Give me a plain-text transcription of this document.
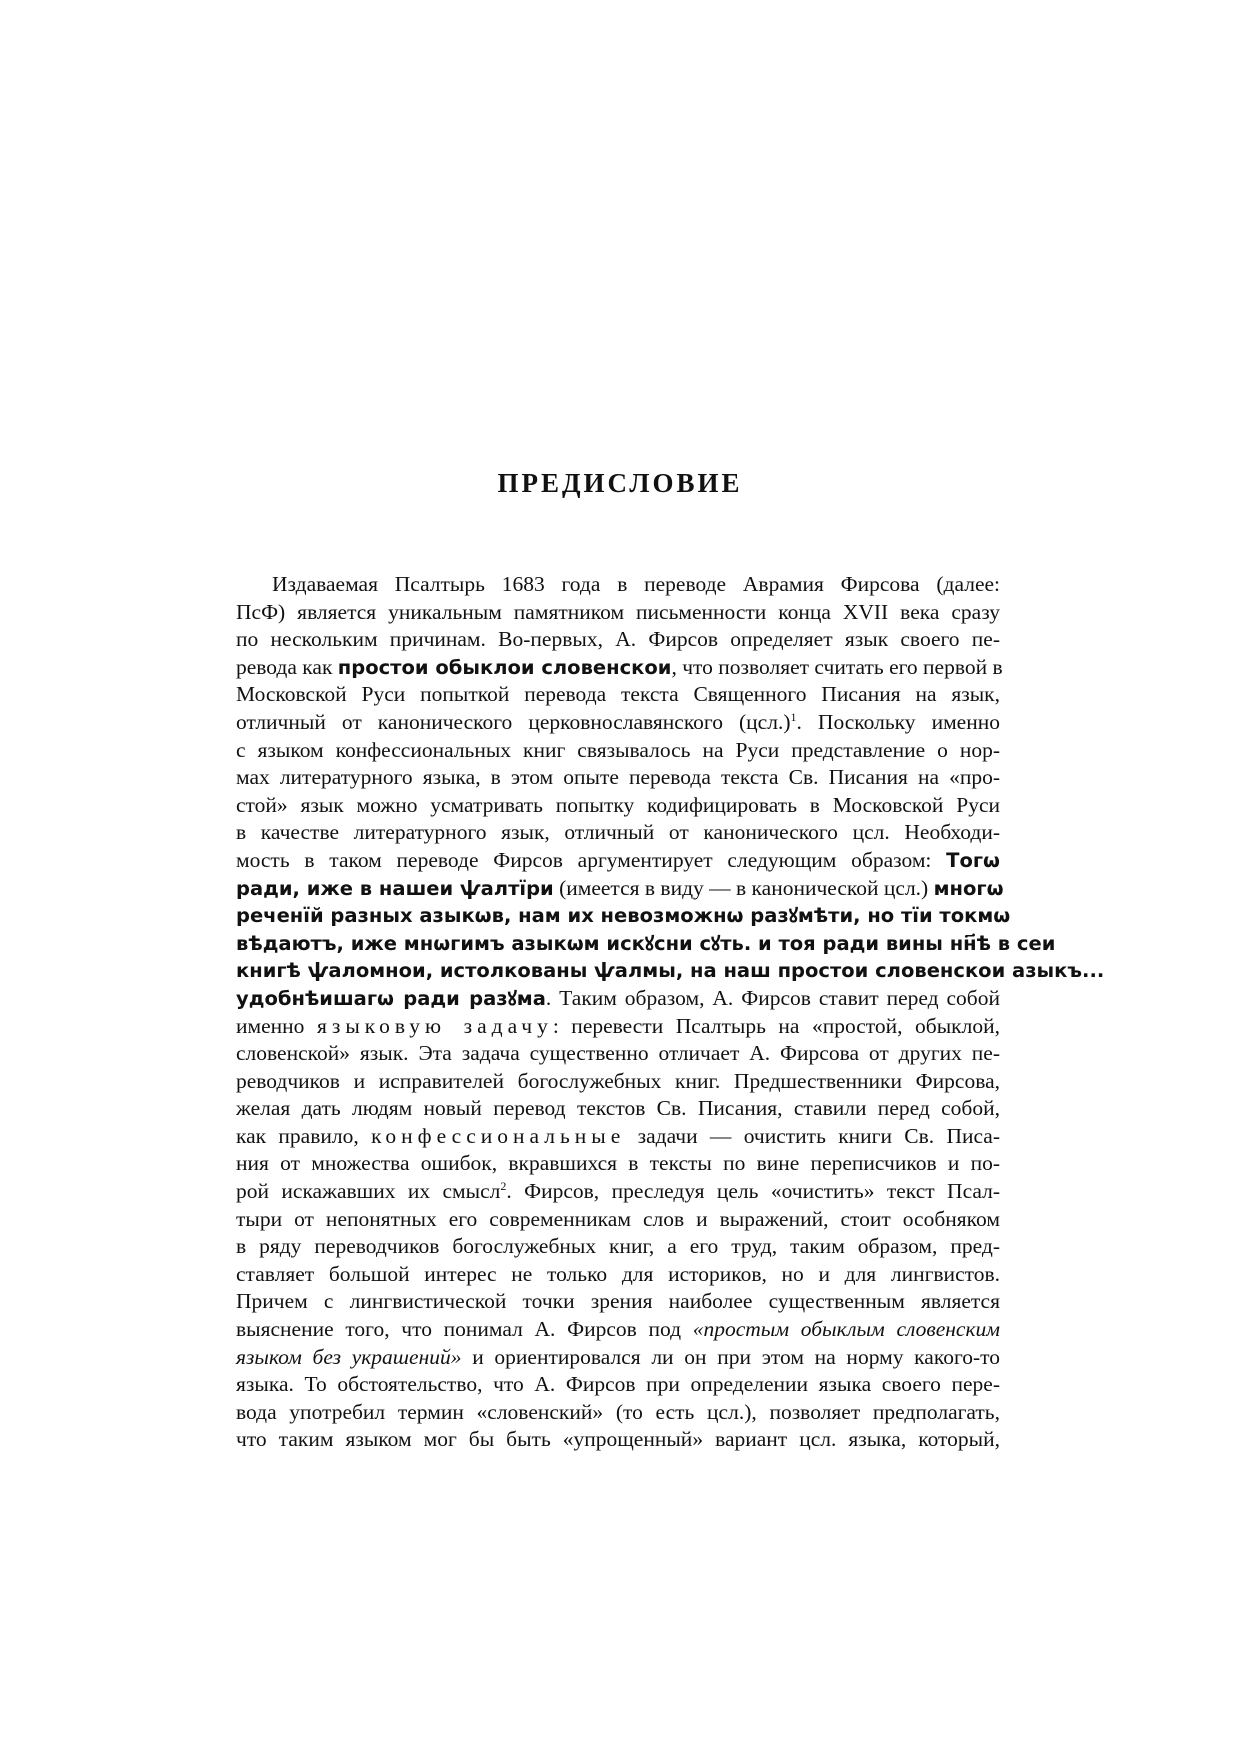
ПРЕДИСЛОВИЕ
Издаваемая Псалтырь 1683 года в переводе Аврамия Фирсова (далее:
ПсФ) является уникальным памятником письменности конца XVII века сразу
по нескольким причинам. Во-первых, А. Фирсов определяет язык своего пе-
ревода как простои обыклои словенскои, что позволяет считать его первой в
Московской Руси попыткой перевода текста Священного Писания на язык,
отличный от канонического церковнославянского $(цсл.)^1$. Поскольку именно
с языком конфессиональных книг связывалось на Руси представление о нор-
мах литературного языка, в этом опыте перевода текста Св. Писания на «про-
стой» язык можно усматривать попытку кодифицировать в Московской Руси
в качестве литературного язык, отличный от канонического цсл. Необходи-
мость в таком переводе Фирсов аргументирует следующим образом: Тогѡ
ради, иже в нашеи ѱалтїри (имеется в виду — в канонической цсл.) многѡ
реченїй разных азыкѡв, нам их невозможнѡ разꙋмѣти, но тїи токмѡ
вѣдаютъ, иже мнѡгимъ азыкѡм искꙋсни сꙋть. и тоя ради вины нн҃ѣ в сеи
книгѣ ѱаломнои, истолкованы ѱалмы, на наш простои словенскои азыкъ...
удобнѣишагѡ ради разꙋма. Таким образом, А. Фирсов ставит перед собой
именно языковую задачу: перевести Псалтырь на «простой, обыклой,
словенской» язык. Эта задача существенно отличает А. Фирсова от других пе-
реводчиков и исправителей богослужебных книг. Предшественники Фирсова,
желая дать людям новый перевод текстов Св. Писания, ставили перед собой,
как правило, конфессиональные задачи — очистить книги Св. Писа-
ния от множества ошибок, вкравшихся в тексты по вине переписчиков и по-
рой искажавших их смысл$^2$. Фирсов, преследуя цель «очистить» текст Псал-
тыри от непонятных его современникам слов и выражений, стоит особняком
в ряду переводчиков богослужебных книг, а его труд, таким образом, пред-
ставляет большой интерес не только для историков, но и для лингвистов.
Причем с лингвистической точки зрения наиболее существенным является
выяснение того, что понимал А. Фирсов под «простым обыклым словенским
языком без украшений» и ориентировался ли он при этом на норму какого-то
языка. То обстоятельство, что А. Фирсов при определении языка своего пере-
вода употребил термин «словенский» (то есть цсл.), позволяет предполагать,
что таким языком мог бы быть «упрощенный» вариант цсл. языка, который,
